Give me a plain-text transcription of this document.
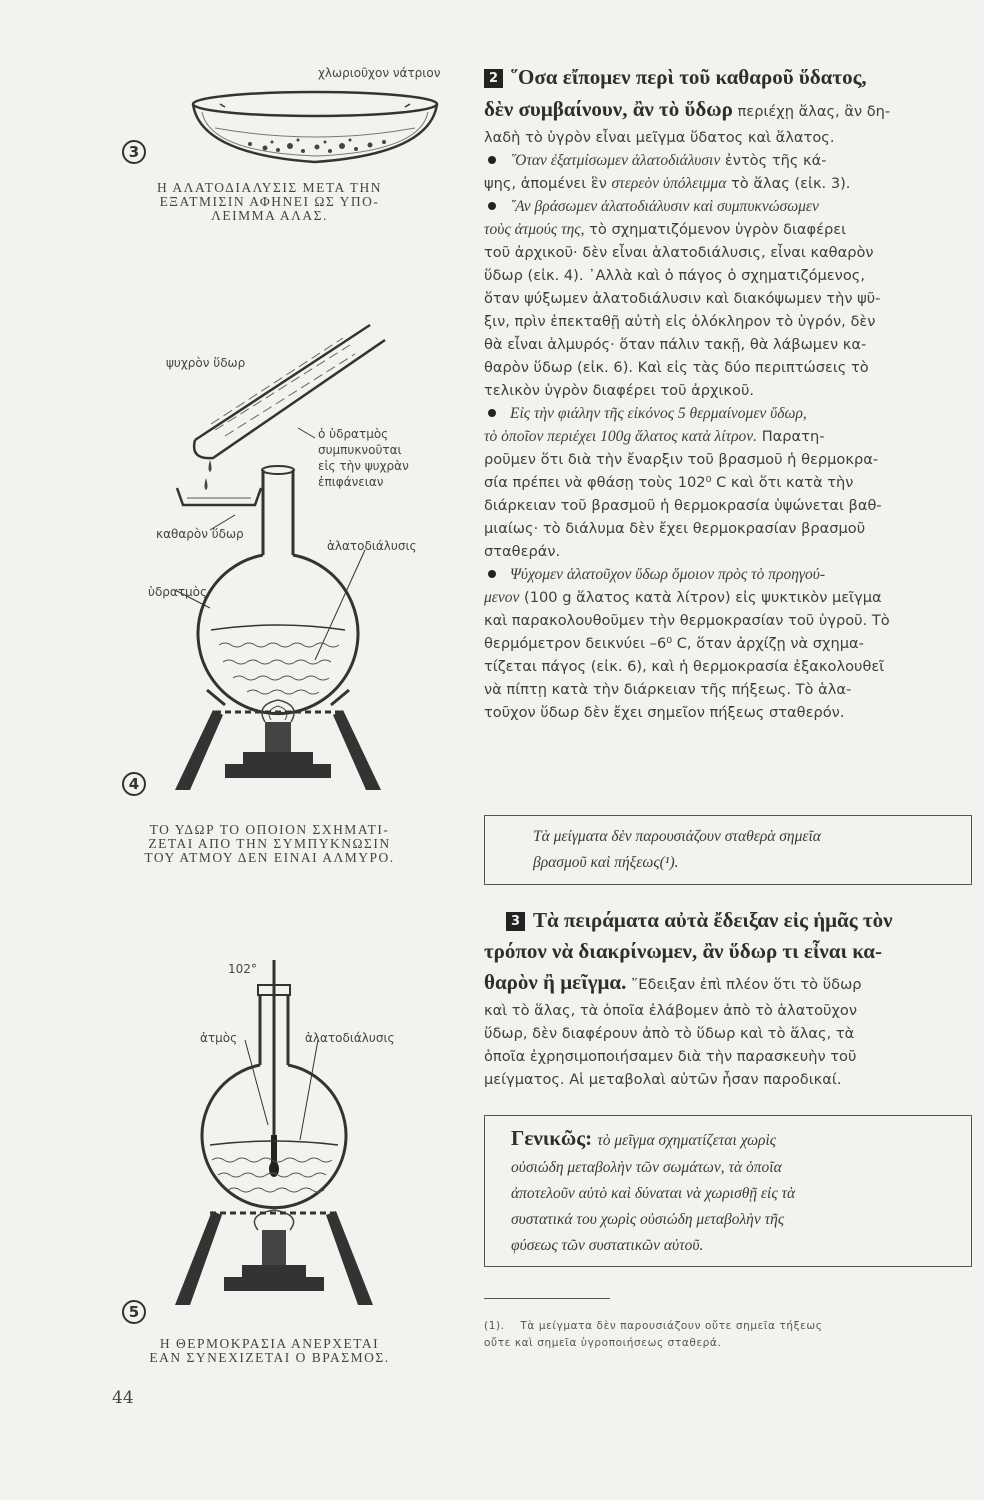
χλωριοῦχον νάτριον
3
Η ΑΛΑΤΟΔΙΑΛΥΣΙΣ ΜΕΤΑ ΤΗΝ
ΕΞΑΤΜΙΣΙΝ ΑΦΗΝΕΙ ΩΣ ΥΠΟ-
ΛΕΙΜΜΑ ΑΛΑΣ.
ψυχρὸν ὕδωρ
ὁ ὑδρατμὸς
συμπυκνοῦται
εἰς τὴν ψυχρὰν
ἐπιφάνειαν
καθαρὸν ὕδωρ
ἁλατοδιάλυσις
ὑδρατμὸς
4
ΤΟ ΥΔΩΡ ΤΟ ΟΠΟΙΟΝ ΣΧΗΜΑΤΙ-
ΖΕΤΑΙ ΑΠΟ ΤΗΝ ΣΥΜΠΥΚΝΩΣΙΝ
ΤΟΥ ΑΤΜΟΥ ΔΕΝ ΕΙΝΑΙ ΑΛΜΥΡΟ.
102°
ἀτμὸς	ἁλατοδιάλυσις
5
Η ΘΕΡΜΟΚΡΑΣΙΑ ΑΝΕΡΧΕΤΑΙ
ΕΑΝ ΣΥΝΕΧΙΖΕΤΑΙ Ο ΒΡΑΣΜΟΣ.
44

2 ῞Οσα εἴπομεν περὶ τοῦ καθαροῦ ὕδατος,

δὲν συμβαίνουν, ἂν τὸ ὕδωρ περιέχῃ ἅλας, ἂν δη-

λαδὴ τὸ ὑγρὸν εἶναι μεῖγμα ὕδατος καὶ ἅλατος.

῞Οταν ἐξατμίσωμεν ἁλατοδιάλυσιν ἐντὸς τῆς κά-

ψης, ἀπομένει ἓν στερεὸν ὑπόλειμμα τὸ ἅλας (εἰκ. 3).

῎Αν βράσωμεν ἁλατοδιάλυσιν καὶ συμπυκνώσωμεν

τοὺς ἀτμούς της, τὸ σχηματιζόμενον ὑγρὸν διαφέρει

τοῦ ἀρχικοῦ· δὲν εἶναι ἁλατοδιάλυσις, εἶναι καθαρὸν

ὕδωρ (εἰκ. 4). ᾿Αλλὰ καὶ ὁ πάγος ὁ σχηματιζόμενος,

ὅταν ψύξωμεν ἁλατοδιάλυσιν καὶ διακόψωμεν τὴν ψῦ-

ξιν, πρὶν ἐπεκταθῇ αὐτὴ εἰς ὁλόκληρον τὸ ὑγρόν, δὲν

θὰ εἶναι ἁλμυρός· ὅταν πάλιν τακῇ, θὰ λάβωμεν κα-

θαρὸν ὕδωρ (εἰκ. 6). Καὶ εἰς τὰς δύο περιπτώσεις τὸ

τελικὸν ὑγρὸν διαφέρει τοῦ ἀρχικοῦ.

Εἰς τὴν φιάλην τῆς εἰκόνος 5 θερμαίνομεν ὕδωρ,

τὸ ὁποῖον περιέχει 100g ἅλατος κατὰ λίτρον. Παρατη-

ροῦμεν ὅτι διὰ τὴν ἔναρξιν τοῦ βρασμοῦ ἡ θερμοκρα-

σία πρέπει νὰ φθάσῃ τοὺς 102⁰ C καὶ ὅτι κατὰ τὴν

διάρκειαν τοῦ βρασμοῦ ἡ θερμοκρασία ὑψώνεται βαθ-

μιαίως· τὸ διάλυμα δὲν ἔχει θερμοκρασίαν βρασμοῦ

σταθεράν.

Ψύχομεν ἁλατοῦχον ὕδωρ ὅμοιον πρὸς τὸ προηγού-

μενον (100 g ἅλατος κατὰ λίτρον) εἰς ψυκτικὸν μεῖγμα

καὶ παρακολουθοῦμεν τὴν θερμοκρασίαν τοῦ ὑγροῦ. Τὸ

θερμόμετρον δεικνύει –6⁰ C, ὅταν ἀρχίζῃ νὰ σχημα-

τίζεται πάγος (εἰκ. 6), καὶ ἡ θερμοκρασία ἐξακολουθεῖ

νὰ πίπτῃ κατὰ τὴν διάρκειαν τῆς πήξεως. Τὸ ἁλα-

τοῦχον ὕδωρ δὲν ἔχει σημεῖον πήξεως σταθερόν.

Τὰ μείγματα δὲν παρουσιάζουν σταθερὰ σημεῖα
βρασμοῦ καὶ πήξεως(¹).

3 Τὰ πειράματα αὐτὰ ἔδειξαν εἰς ἡμᾶς τὸν

τρόπον νὰ διακρίνωμεν, ἂν ὕδωρ τι εἶναι κα-

θαρὸν ἢ μεῖγμα. ῎Εδειξαν ἐπὶ πλέον ὅτι τὸ ὕδωρ

καὶ τὸ ἅλας, τὰ ὁποῖα ἐλάβομεν ἀπὸ τὸ ἁλατοῦχον

ὕδωρ, δὲν διαφέρουν ἀπὸ τὸ ὕδωρ καὶ τὸ ἅλας, τὰ

ὁποῖα ἐχρησιμοποιήσαμεν διὰ τὴν παρασκευὴν τοῦ

μείγματος. Αἱ μεταβολαὶ αὐτῶν ἦσαν παροδικαί.

Γενικῶς: τὸ μεῖγμα σχηματίζεται χωρὶς
οὐσιώδη μεταβολὴν τῶν σωμάτων, τὰ ὁποῖα
ἀποτελοῦν αὐτὸ καὶ δύναται νὰ χωρισθῇ εἰς τὰ
συστατικά του χωρὶς οὐσιώδη μεταβολὴν τῆς
φύσεως τῶν συστατικῶν αὐτοῦ.
(1).    Τὰ μείγματα δὲν παρουσιάζουν οὔτε σημεῖα τήξεως
οὔτε καὶ σημεῖα ὑγροποιήσεως σταθερά.
